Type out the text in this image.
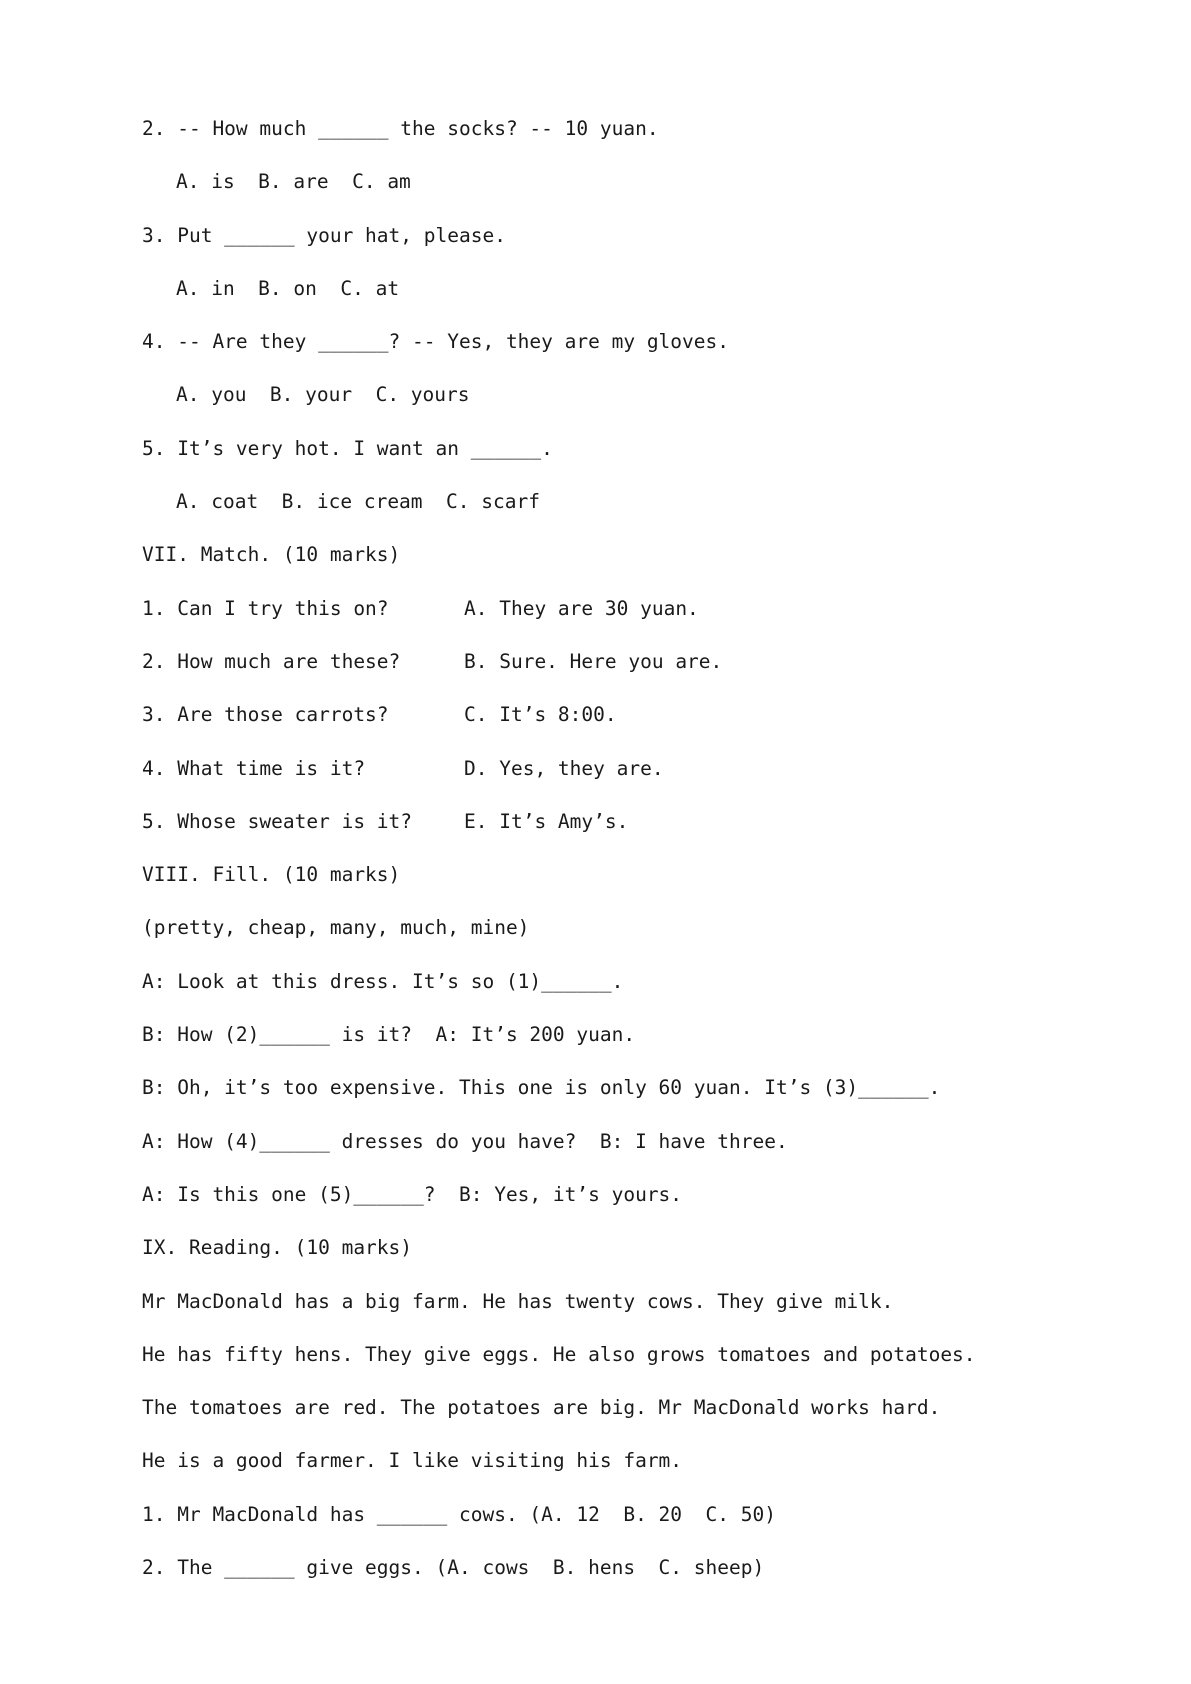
2. -- How much ______ the socks? -- 10 yuan.
A. is  B. are  C. am
3. Put ______ your hat, please.
A. in  B. on  C. at
4. -- Are they ______? -- Yes, they are my gloves.
A. you  B. your  C. yours
5. It’s very hot. I want an ______.
A. coat  B. ice cream  C. scarf
VII. Match. (10 marks)
1. Can I try this on?	A. They are 30 yuan.
2. How much are these?	B. Sure. Here you are.
3. Are those carrots?	C. It’s 8:00.
4. What time is it?	D. Yes, they are.
5. Whose sweater is it?	E. It’s Amy’s.
VIII. Fill. (10 marks)
(pretty, cheap, many, much, mine)
A: Look at this dress. It’s so (1)______.
B: How (2)______ is it?  A: It’s 200 yuan.
B: Oh, it’s too expensive. This one is only 60 yuan. It’s (3)______.
A: How (4)______ dresses do you have?  B: I have three.
A: Is this one (5)______?  B: Yes, it’s yours.
IX. Reading. (10 marks)
Mr MacDonald has a big farm. He has twenty cows. They give milk.
He has fifty hens. They give eggs. He also grows tomatoes and potatoes.
The tomatoes are red. The potatoes are big. Mr MacDonald works hard.
He is a good farmer. I like visiting his farm.
1. Mr MacDonald has ______ cows. (A. 12  B. 20  C. 50)
2. The ______ give eggs. (A. cows  B. hens  C. sheep)
